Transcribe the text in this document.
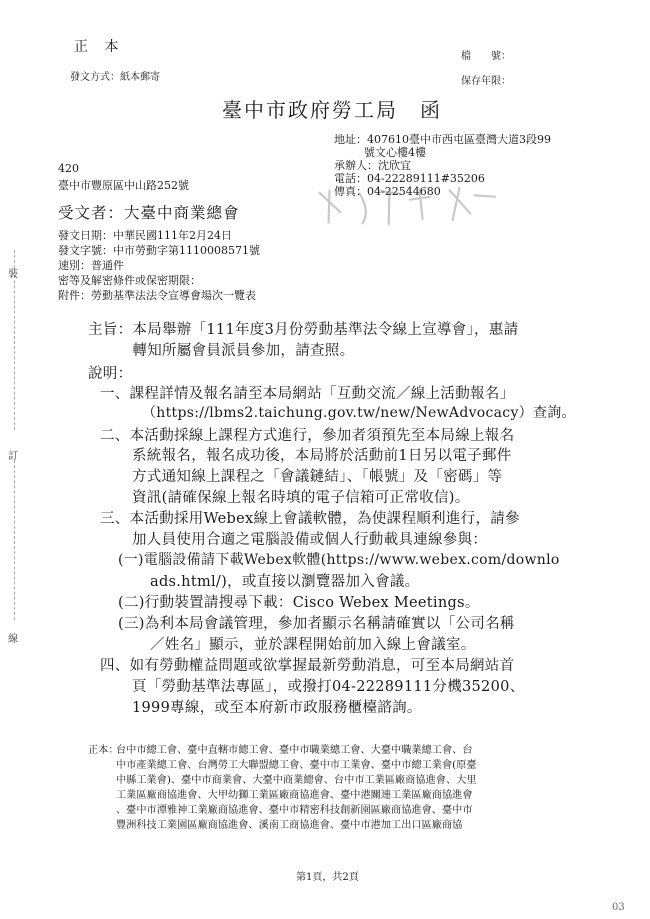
正 本
發文方式：紙本郵寄
檔　　號：
保存年限：
臺中市政府勞工局　函
地址：407610臺中市西屯區臺灣大道3段99
號文心樓4樓
承辦人：沈欣宜
電話：04-22289111#35206
傳真：04-22544680
420
臺中市豐原區中山路252號
受文者：大臺中商業總會
發文日期：中華民國111年2月24日
發文字號：中市勞動字第1110008571號
速別：普通件
密等及解密條件或保密期限：
附件：勞動基準法法令宣導會場次一覽表
裝
訂
線
主旨：本局舉辦「111年度3月份勞動基準法令線上宣導會」，惠請
　　　轉知所屬會員派員參加，請查照。
說明：
一、課程詳情及報名請至本局網站「互動交流／線上活動報名」
（https://lbms2.taichung.gov.tw/new/NewAdvocacy）查詢。
二、本活動採線上課程方式進行，參加者須預先至本局線上報名
系統報名，報名成功後，本局將於活動前1日另以電子郵件
方式通知線上課程之「會議鏈結」、「帳號」及「密碼」等
資訊(請確保線上報名時填的電子信箱可正常收信)。
三、本活動採用Webex線上會議軟體，為使課程順利進行，請參
加人員使用合適之電腦設備或個人行動載具連線參與：
(一)電腦設備請下載Webex軟體(https://www.webex.com/downlo
ads.html/)，或直接以瀏覽器加入會議。
(二)行動裝置請搜尋下載：Cisco Webex Meetings。
(三)為利本局會議管理，參加者顯示名稱請確實以「公司名稱
／姓名」顯示，並於課程開始前加入線上會議室。
四、如有勞動權益問題或欲掌握最新勞動消息，可至本局網站首
頁「勞動基準法專區」，或撥打04-22289111分機35200、
1999專線，或至本府新市政服務櫃檯諮詢。
正本：
台中市總工會、臺中直轄市總工會、臺中市職業總工會、大臺中職業總工會、台
中市產業總工會、台灣勞工大聯盟總工會、臺中市工業會、臺中市總工業會(原臺
中縣工業會)、臺中市商業會、大臺中商業總會、台中市工業區廠商協進會、大里
工業區廠商協進會、大甲幼獅工業區廠商協進會、臺中港關連工業區廠商協進會
、臺中市潭雅神工業廠商協進會、臺中市精密科技創新園區廠商協進會、臺中市
豐洲科技工業園區廠商協進會、溪南工商協進會、臺中市港加工出口區廠商協
第1頁，共2頁
03
